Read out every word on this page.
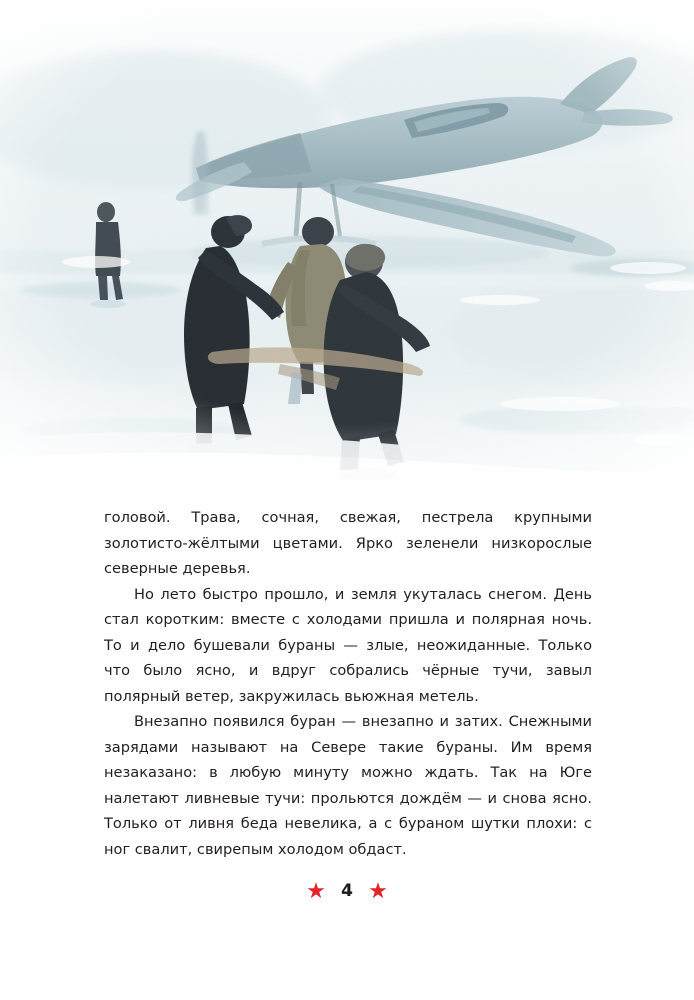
головой. Трава, сочная, свежая, пестрела крупными золотисто-жёлтыми цветами. Ярко зеленели низкорослые северные деревья.

Но лето быстро прошло, и земля укуталась снегом. День стал коротким: вместе с холодами пришла и полярная ночь. То и дело бушевали бураны — злые, неожиданные. Только что было ясно, и вдруг собрались чёрные тучи, завыл полярный ветер, закружилась вьюжная метель.

Внезапно появился буран — внезапно и затих. Снежными зарядами называют на Севере такие бураны. Им время незаказано: в любую минуту можно ждать. Так на Юге налетают ливневые тучи: прольются дождём — и снова ясно. Только от ливня беда невелика, а с бураном шутки плохи: с ног свалит, свирепым холодом обдаст.

★ 4 ★
